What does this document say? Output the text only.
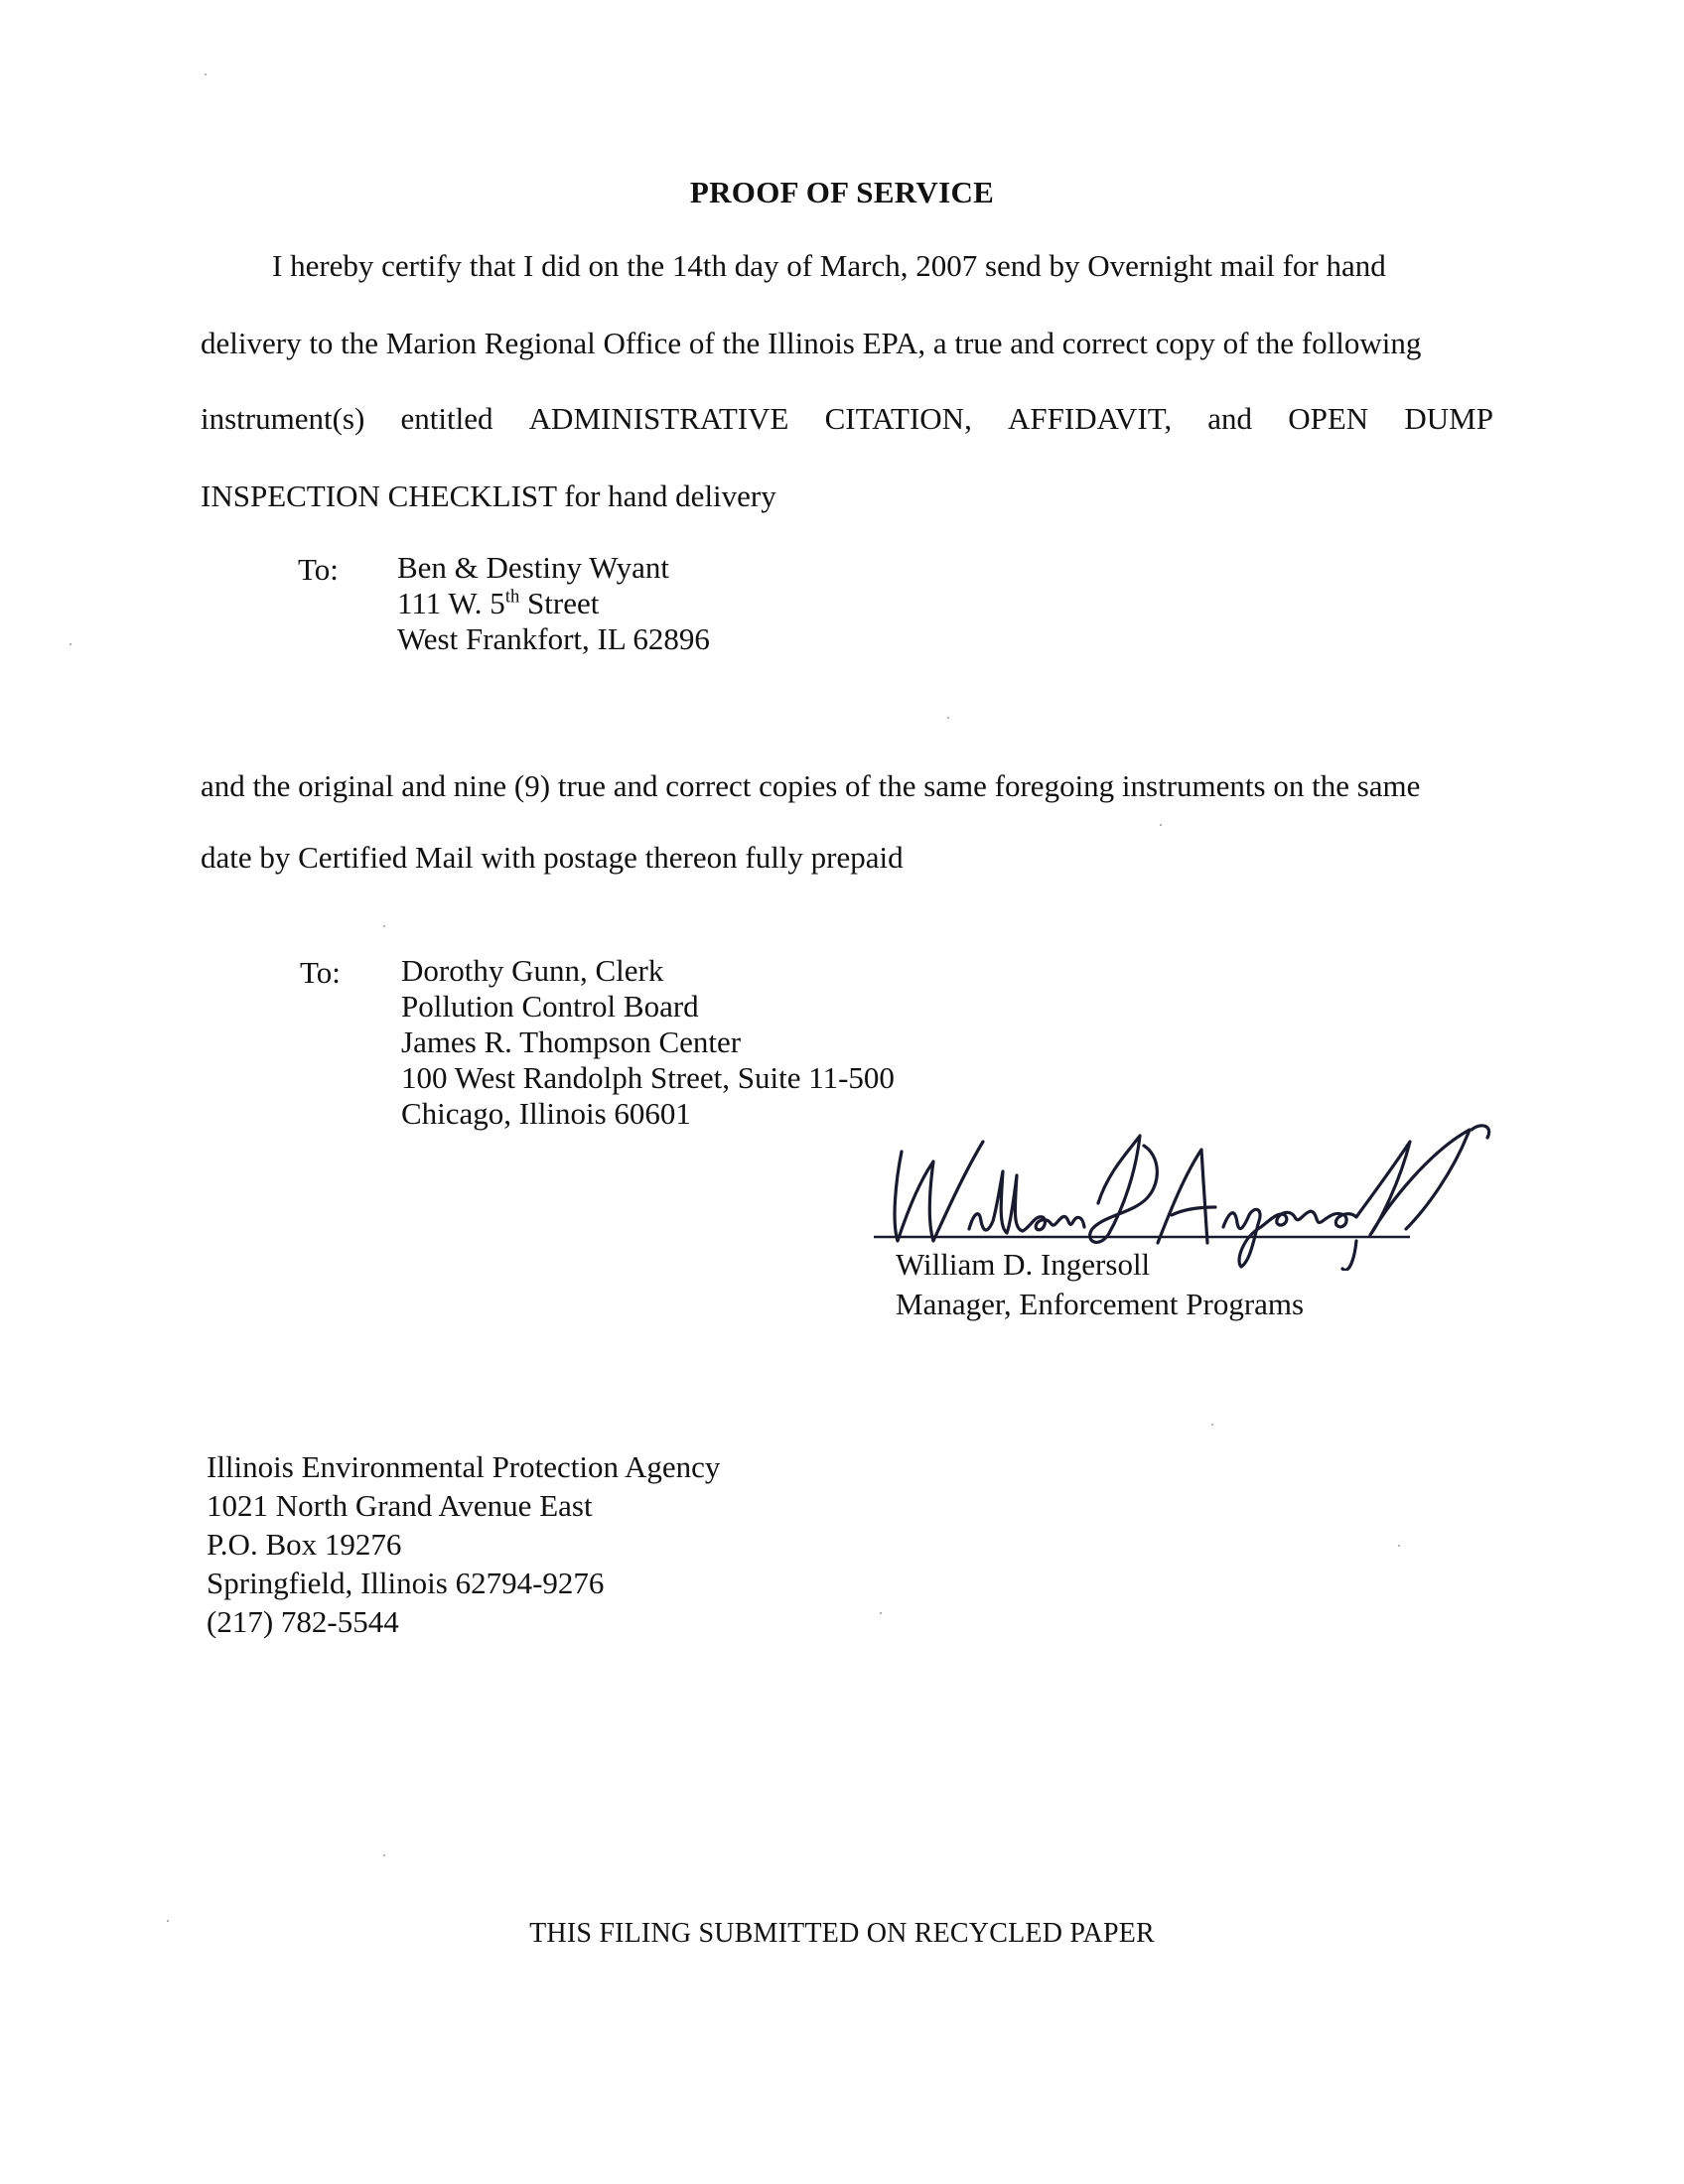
PROOF OF SERVICE
I hereby certify that I did on the 14th day of March, 2007 send by Overnight mail for hand
delivery to the Marion Regional Office of the Illinois EPA, a true and correct copy of the following
instrument(s) entitled ADMINISTRATIVE CITATION, AFFIDAVIT, and OPEN DUMP
INSPECTION CHECKLIST for hand delivery
To: Ben & Destiny Wyant
111 W. 5th Street
West Frankfort, IL 62896
and the original and nine (9) true and correct copies of the same foregoing instruments on the same
date by Certified Mail with postage thereon fully prepaid
To: Dorothy Gunn, Clerk
Pollution Control Board
James R. Thompson Center
100 West Randolph Street, Suite 11-500
Chicago, Illinois 60601
William D. Ingersoll
Manager, Enforcement Programs
Illinois Environmental Protection Agency
1021 North Grand Avenue East
P.O. Box 19276
Springfield, Illinois 62794-9276
(217) 782-5544
THIS FILING SUBMITTED ON RECYCLED PAPER
